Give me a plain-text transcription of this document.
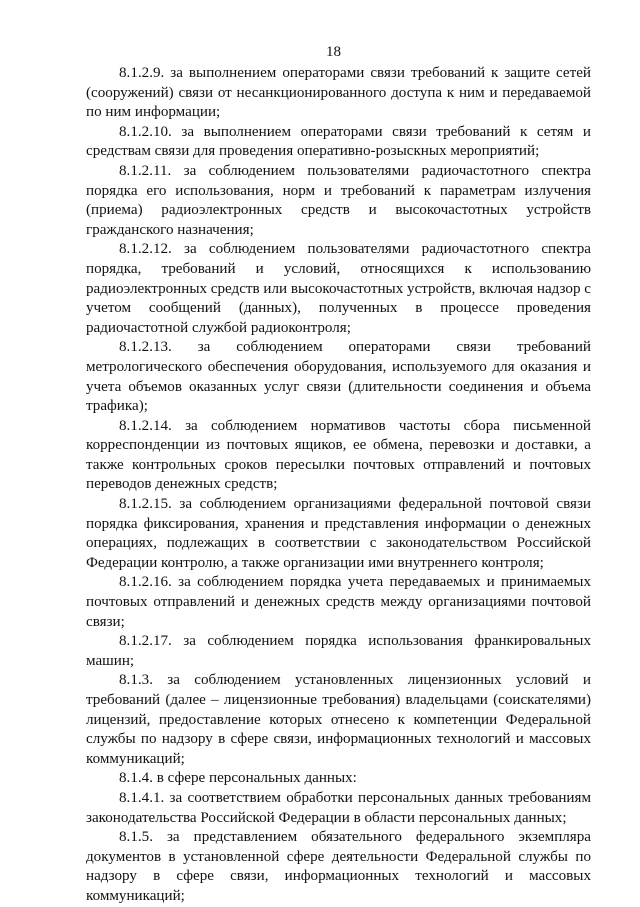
18

8.1.2.9. за выполнением операторами связи требований к защите сетей (сооружений) связи от несанкционированного доступа к ним и передаваемой по ним информации;

8.1.2.10. за выполнением операторами связи требований к сетям и средствам связи для проведения оперативно-розыскных мероприятий;

8.1.2.11. за соблюдением пользователями радиочастотного спектра порядка его использования, норм и требований к параметрам излучения (приема) радиоэлектронных средств и высокочастотных устройств гражданского назначения;

8.1.2.12. за соблюдением пользователями радиочастотного спектра порядка, требований и условий, относящихся к использованию радиоэлектронных средств или высокочастотных устройств, включая надзор с учетом сообщений (данных), полученных в процессе проведения радиочастотной службой радиоконтроля;

8.1.2.13. за соблюдением операторами связи требований метрологического обеспечения оборудования, используемого для оказания и учета объемов оказанных услуг связи (длительности соединения и объема трафика);

8.1.2.14. за соблюдением нормативов частоты сбора письменной корреспонденции из почтовых ящиков, ее обмена, перевозки и доставки, а также контрольных сроков пересылки почтовых отправлений и почтовых переводов денежных средств;

8.1.2.15. за соблюдением организациями федеральной почтовой связи порядка фиксирования, хранения и представления информации о денежных операциях, подлежащих в соответствии с законодательством Российской Федерации контролю, а также организации ими внутреннего контроля;

8.1.2.16. за соблюдением порядка учета передаваемых и принимаемых почтовых отправлений и денежных средств между организациями почтовой связи;

8.1.2.17. за соблюдением порядка использования франкировальных машин;

8.1.3. за соблюдением установленных лицензионных условий и требований (далее – лицензионные требования) владельцами (соискателями) лицензий, предоставление которых отнесено к компетенции Федеральной службы по надзору в сфере связи, информационных технологий и массовых коммуникаций;

8.1.4. в сфере персональных данных:

8.1.4.1. за соответствием обработки персональных данных требованиям законодательства Российской Федерации в области персональных данных;

8.1.5. за представлением обязательного федерального экземпляра документов в установленной сфере деятельности Федеральной службы по надзору в сфере связи, информационных технологий и массовых коммуникаций;
